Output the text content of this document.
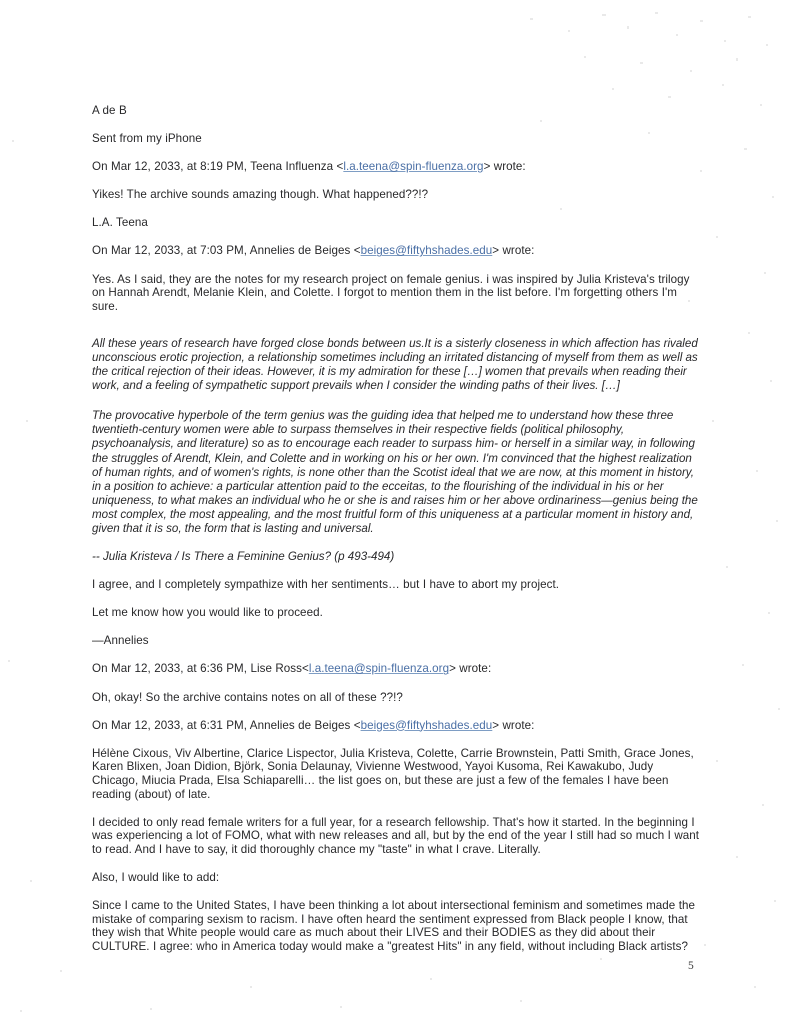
A de B

Sent from my iPhone

On Mar 12, 2033, at 8:19 PM, Teena Influenza <l.a.teena@spin-fluenza.org> wrote:

Yikes! The archive sounds amazing though. What happened??!?

L.A. Teena

On Mar 12, 2033, at 7:03 PM, Annelies de Beiges <beiges@fiftyhshades.edu> wrote:

Yes. As I said, they are the notes for my research project on female genius. i was inspired by Julia Kristeva's trilogy on Hannah Arendt, Melanie Klein, and Colette. I forgot to mention them in the list before. I'm forgetting others I'm sure.

All these years of research have forged close bonds between us.It is a sisterly closeness in which affection has rivaled unconscious erotic projection, a relationship sometimes including an irritated distancing of myself from them as well as the critical rejection of their ideas. However, it is my admiration for these […] women that prevails when reading their work, and a feeling of sympathetic support prevails when I consider the winding paths of their lives. […]

The provocative hyperbole of the term genius was the guiding idea that helped me to understand how these three twentieth-century women were able to surpass themselves in their respective fields (political philosophy, psychoanalysis, and literature) so as to encourage each reader to surpass him- or herself in a similar way, in following the struggles of Arendt, Klein, and Colette and in working on his or her own. I'm convinced that the highest realization of human rights, and of women's rights, is none other than the Scotist ideal that we are now, at this moment in history, in a position to achieve: a particular attention paid to the ecceitas, to the flourishing of the individual in his or her uniqueness, to what makes an individual who he or she is and raises him or her above ordinariness—genius being the most complex, the most appealing, and the most fruitful form of this uniqueness at a particular moment in history and, given that it is so, the form that is lasting and universal.

-- Julia Kristeva / Is There a Feminine Genius? (p 493-494)

I agree, and I completely sympathize with her sentiments… but I have to abort my project.

Let me know how you would like to proceed.

—Annelies

On Mar 12, 2033, at 6:36 PM, Lise Ross<l.a.teena@spin-fluenza.org> wrote:

Oh, okay! So the archive contains notes on all of these ??!?

On Mar 12, 2033, at 6:31 PM, Annelies de Beiges <beiges@fiftyhshades.edu> wrote:

Hélène Cixous, Viv Albertine, Clarice Lispector, Julia Kristeva, Colette, Carrie Brownstein, Patti Smith, Grace Jones, Karen Blixen, Joan Didion, Björk, Sonia Delaunay, Vivienne Westwood, Yayoi Kusoma, Rei Kawakubo, Judy Chicago, Miucia Prada, Elsa Schiaparelli… the list goes on, but these are just a few of the females I have been reading (about) of late.

I decided to only read female writers for a full year, for a research fellowship. That's how it started. In the beginning I was experiencing a lot of FOMO, what with new releases and all, but by the end of the year I still had so much I want to read. And I have to say, it did thoroughly chance my "taste" in what I crave. Literally.

Also, I would like to add:

Since I came to the United States, I have been thinking a lot about intersectional feminism and sometimes made the mistake of comparing sexism to racism. I have often heard the sentiment expressed from Black people I know, that they wish that White people would care as much about their LIVES and their BODIES as they did about their CULTURE. I agree: who in America today would make a "greatest Hits" in any field, without including Black artists?

5
